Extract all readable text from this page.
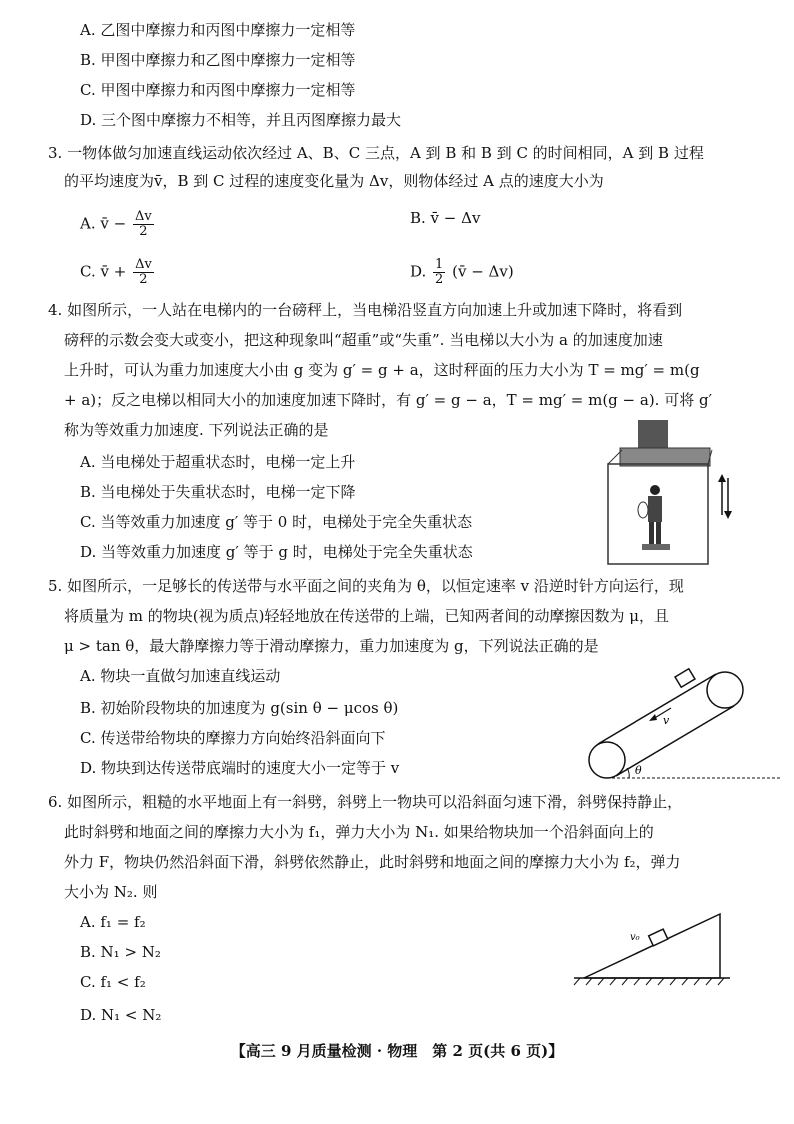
A. 乙图中摩擦力和丙图中摩擦力一定相等
B. 甲图中摩擦力和乙图中摩擦力一定相等
C. 甲图中摩擦力和丙图中摩擦力一定相等
D. 三个图中摩擦力不相等，并且丙图摩擦力最大
3. 一物体做匀加速直线运动依次经过 A、B、C 三点，A 到 B 和 B 到 C 的时间相同，A 到 B 过程
的平均速度为v̄，B 到 C 过程的速度变化量为 Δv，则物体经过 A 点的速度大小为
A. v̄ − $\frac{\Delta v}{2}$	B. v̄ − Δv
C. v̄ + $\frac{\Delta v}{2}$	D. $\frac{1}{2}$ (v̄ − Δv)
4. 如图所示，一人站在电梯内的一台磅秤上，当电梯沿竖直方向加速上升或加速下降时，将看到
磅秤的示数会变大或变小，把这种现象叫“超重”或“失重”. 当电梯以大小为 a 的加速度加速
上升时，可认为重力加速度大小由 g 变为 g′ = g + a，这时秤面的压力大小为 T = mg′ = m(g
+ a)；反之电梯以相同大小的加速度加速下降时，有 g′ = g − a，T = mg′ = m(g − a). 可将 g′
称为等效重力加速度. 下列说法正确的是
A. 当电梯处于超重状态时，电梯一定上升
B. 当电梯处于失重状态时，电梯一定下降
C. 当等效重力加速度 g′ 等于 0 时，电梯处于完全失重状态
D. 当等效重力加速度 g′ 等于 g 时，电梯处于完全失重状态
5. 如图所示，一足够长的传送带与水平面之间的夹角为 θ，以恒定速率 v 沿逆时针方向运行，现
将质量为 m 的物块(视为质点)轻轻地放在传送带的上端，已知两者间的动摩擦因数为 μ，且
μ > tan θ，最大静摩擦力等于滑动摩擦力，重力加速度为 g，下列说法正确的是
A. 物块一直做匀加速直线运动
B. 初始阶段物块的加速度为 g(sin θ − μcos θ)
C. 传送带给物块的摩擦力方向始终沿斜面向下
D. 物块到达传送带底端时的速度大小一定等于 v
v
θ
6. 如图所示，粗糙的水平地面上有一斜劈，斜劈上一物块可以沿斜面匀速下滑，斜劈保持静止，
此时斜劈和地面之间的摩擦力大小为 f₁，弹力大小为 N₁. 如果给物块加一个沿斜面向上的
外力 F，物块仍然沿斜面下滑，斜劈依然静止，此时斜劈和地面之间的摩擦力大小为 f₂，弹力
大小为 N₂. 则
A. f₁ = f₂
B. N₁ > N₂
C. f₁ < f₂
D. N₁ < N₂
v₀
【高三 9 月质量检测 · 物理　第 2 页(共 6 页)】
